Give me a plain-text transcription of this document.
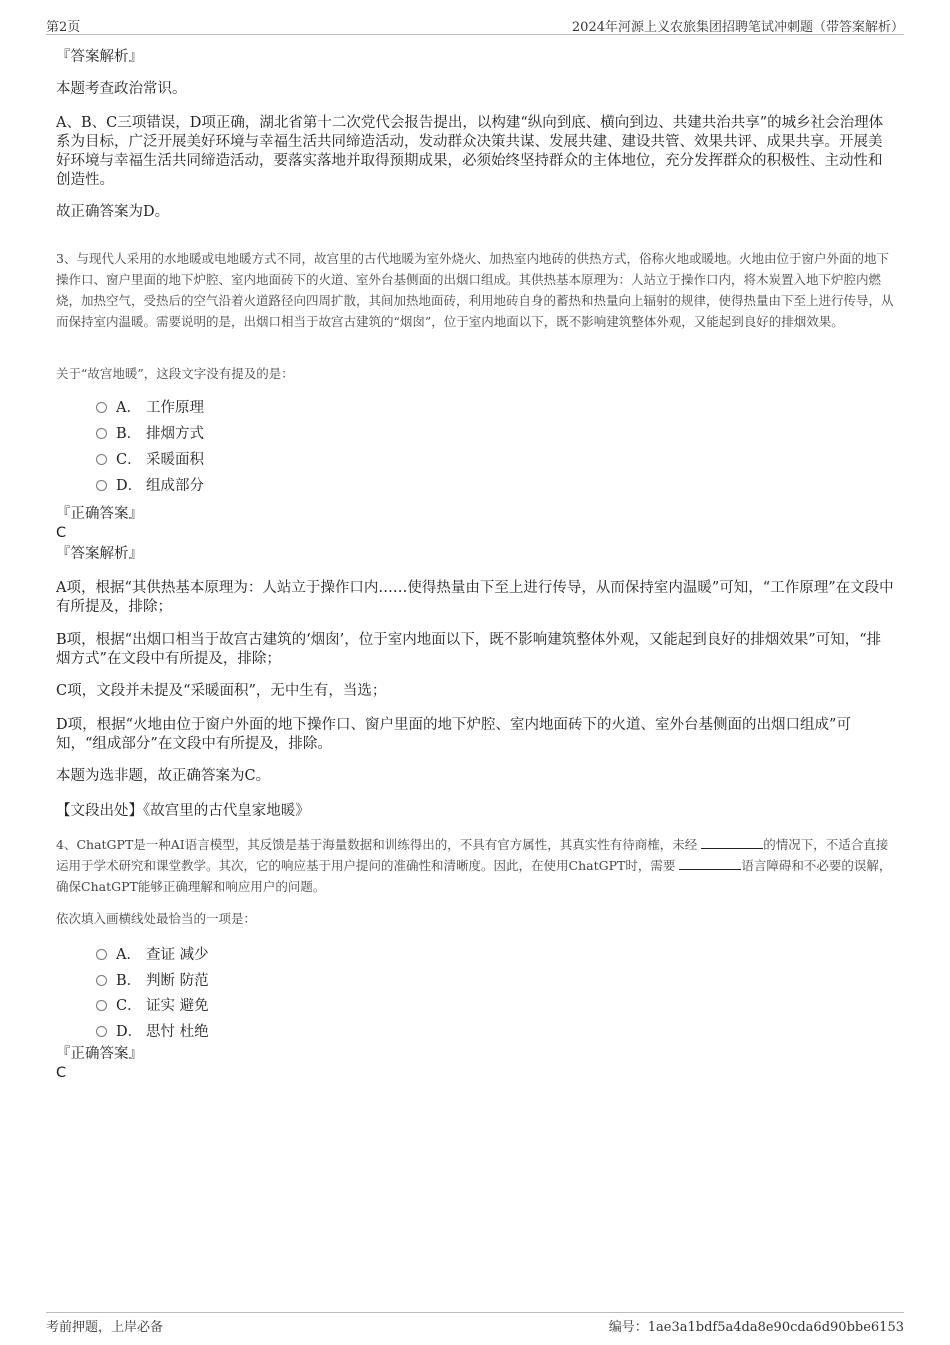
第2页	2024年河源上义农旅集团招聘笔试冲刺题（带答案解析）
『答案解析』
本题考查政治常识。
A、B、C三项错误，D项正确，湖北省第十二次党代会报告提出，以构建“纵向到底、横向到边、共建共治共享”的城乡社会治理体系为目标，广泛开展美好环境与幸福生活共同缔造活动，发动群众决策共谋、发展共建、建设共管、效果共评、成果共享。开展美好环境与幸福生活共同缔造活动，要落实落地并取得预期成果，必须始终坚持群众的主体地位，充分发挥群众的积极性、主动性和创造性。
故正确答案为D。
3、与现代人采用的水地暖或电地暖方式不同，故宫里的古代地暖为室外烧火、加热室内地砖的供热方式，俗称火地或暖地。火地由位于窗户外面的地下操作口、窗户里面的地下炉腔、室内地面砖下的火道、室外台基侧面的出烟口组成。其供热基本原理为：人站立于操作口内，将木炭置入地下炉腔内燃烧，加热空气，受热后的空气沿着火道路径向四周扩散，其间加热地面砖，利用地砖自身的蓄热和热量向上辐射的规律，使得热量由下至上进行传导，从而保持室内温暖。需要说明的是，出烟口相当于故宫古建筑的“烟囱”，位于室内地面以下，既不影响建筑整体外观，又能起到良好的排烟效果。
关于“故宫地暖”，这段文字没有提及的是：
A． 工作原理
B． 排烟方式
C． 采暖面积
D． 组成部分
『正确答案』
C
『答案解析』
A项，根据“其供热基本原理为：人站立于操作口内……使得热量由下至上进行传导，从而保持室内温暖”可知，“工作原理”在文段中有所提及，排除；
B项，根据“出烟口相当于故宫古建筑的‘烟囱’，位于室内地面以下，既不影响建筑整体外观，又能起到良好的排烟效果”可知，“排烟方式”在文段中有所提及，排除；
C项，文段并未提及“采暖面积”，无中生有，当选；
D项，根据“火地由位于窗户外面的地下操作口、窗户里面的地下炉腔、室内地面砖下的火道、室外台基侧面的出烟口组成”可知，“组成部分”在文段中有所提及，排除。
本题为选非题，故正确答案为C。
【文段出处】《故宫里的古代皇家地暖》
4、ChatGPT是一种AI语言模型，其反馈是基于海量数据和训练得出的，不具有官方属性，其真实性有待商榷，未经	的情况下，不适合直接运用于学术研究和课堂教学。其次，它的响应基于用户提问的准确性和清晰度。因此，在使用ChatGPT时，需要	语言障碍和不必要的误解，确保ChatGPT能够正确理解和响应用户的问题。
依次填入画横线处最恰当的一项是：
A． 查证 减少
B． 判断 防范
C． 证实 避免
D． 思忖 杜绝
『正确答案』
C
考前押题，上岸必备	编号：1ae3a1bdf5a4da8e90cda6d90bbe6153
